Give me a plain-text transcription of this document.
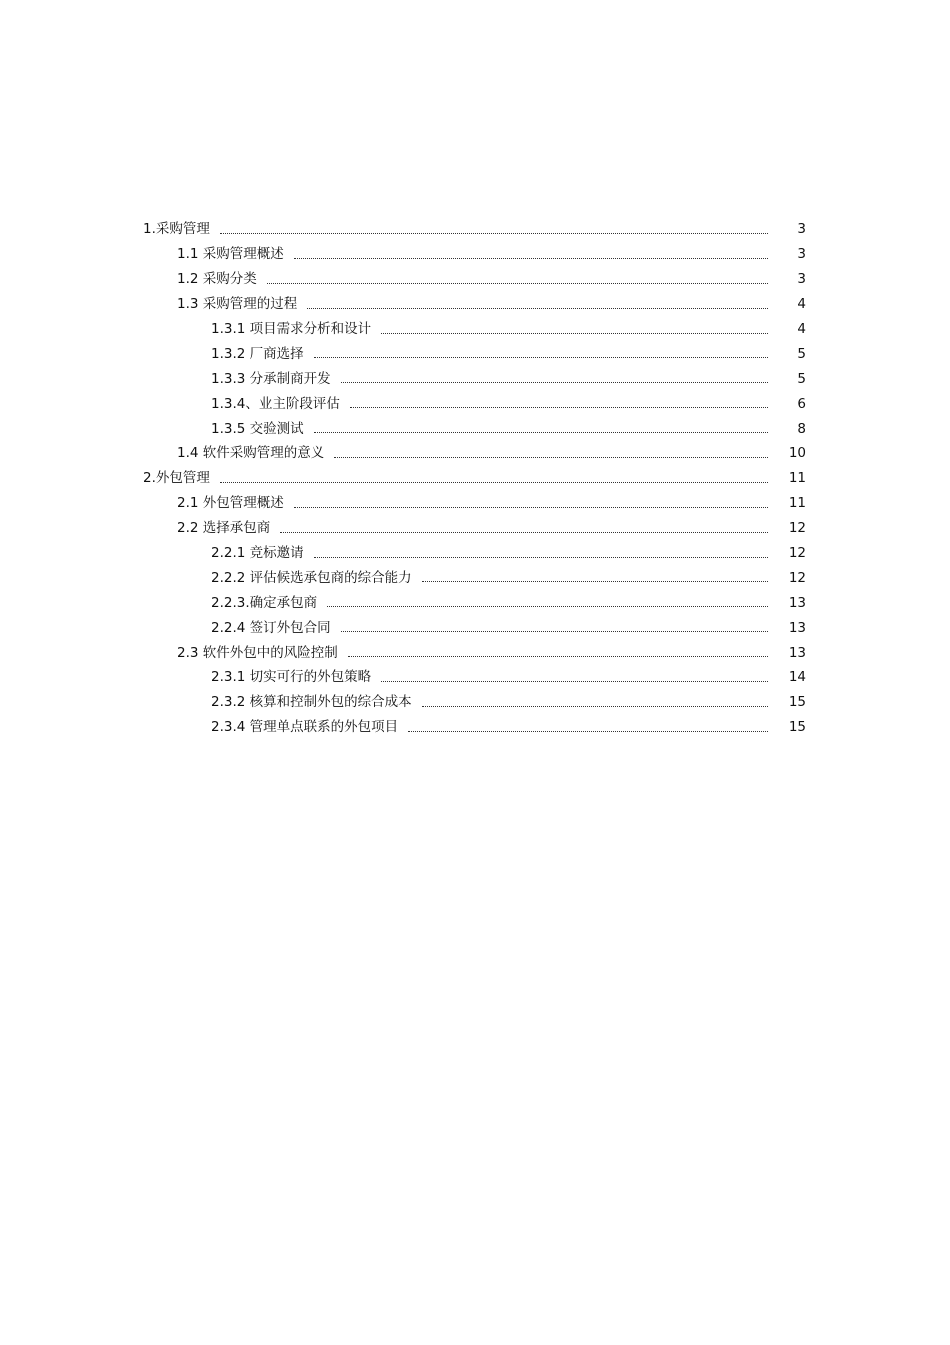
1.采购管理	3
1.1 采购管理概述	3
1.2 采购分类	3
1.3 采购管理的过程	4
1.3.1 项目需求分析和设计	4
1.3.2 厂商选择	5
1.3.3 分承制商开发	5
1.3.4、业主阶段评估	6
1.3.5 交验测试	8
1.4 软件采购管理的意义	10
2.外包管理	11
2.1 外包管理概述	11
2.2 选择承包商	12
2.2.1 竞标邀请	12
2.2.2 评估候选承包商的综合能力	12
2.2.3.确定承包商	13
2.2.4 签订外包合同	13
2.3 软件外包中的风险控制	13
2.3.1 切实可行的外包策略	14
2.3.2 核算和控制外包的综合成本	15
2.3.4 管理单点联系的外包项目	15
